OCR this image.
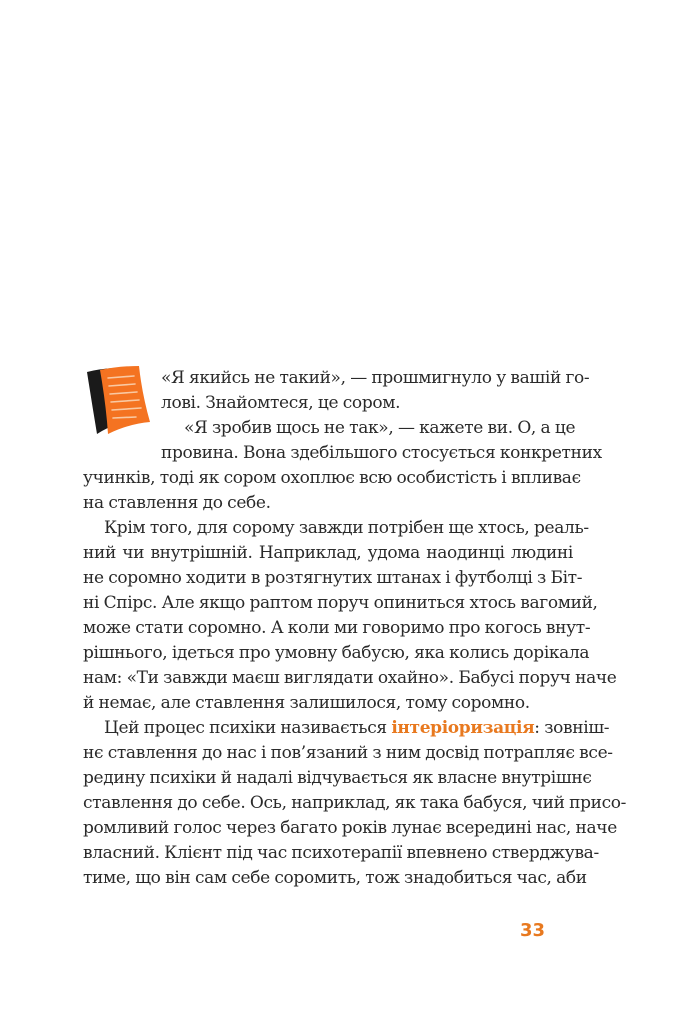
«Я якийсь не такий», — прошмигнуло у вашій го-
лові. Знайомтеся, це сором.
«Я зробив щось не так», — кажете ви. О, а це
провина. Вона здебільшого стосується конкретних
учинків, тоді як сором охоплює всю особистість і впливає
на ставлення до себе.
Крім того, для сорому завжди потрібен ще хтось, реаль-
ний чи внутрішній. Наприклад, удома наодинці людині
не соромно ходити в розтягнутих штанах і футболці з Біт-
ні Спірс. Але якщо раптом поруч опиниться хтось вагомий,
може стати соромно. А коли ми говоримо про когось внут-
рішнього, ідеться про умовну бабусю, яка колись дорікала
нам: «Ти завжди маєш виглядати охайно». Бабусі поруч наче
й немає, але ставлення залишилося, тому соромно.
Цей процес психіки називається інтеріоризація: зовніш-
нє ставлення до нас і пов’язаний з ним досвід потрапляє все-
редину психіки й надалі відчувається як власне внутрішнє
ставлення до себе. Ось, наприклад, як така бабуся, чий присо-
ромливий голос через багато років лунає всередині нас, наче
власний. Клієнт під час психотерапії впевнено стверджува-
тиме, що він сам себе соромить, тож знадобиться час, аби
33
